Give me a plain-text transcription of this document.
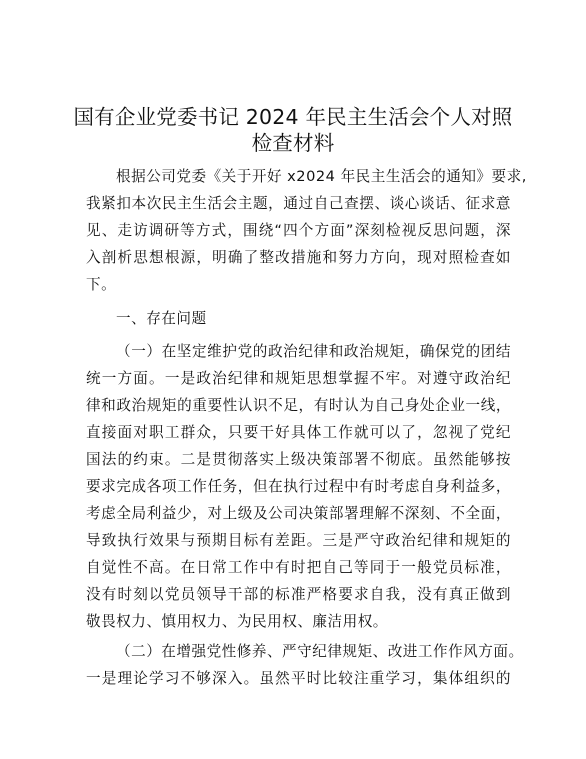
国有企业党委书记 2024 年民主生活会个人对照
检查材料
根据公司党委《关于开好 x2024 年民主生活会的通知》要求,
我紧扣本次民主生活会主题，通过自己查摆、谈心谈话、征求意
见、走访调研等方式，围绕“四个方面”深刻检视反思问题，深
入剖析思想根源，明确了整改措施和努力方向，现对照检查如
下。
一、存在问题
（一）在坚定维护党的政治纪律和政治规矩，确保党的团结
统一方面。一是政治纪律和规矩思想掌握不牢。对遵守政治纪
律和政治规矩的重要性认识不足，有时认为自己身处企业一线，
直接面对职工群众，只要干好具体工作就可以了，忽视了党纪
国法的约束。二是贯彻落实上级决策部署不彻底。虽然能够按
要求完成各项工作任务，但在执行过程中有时考虑自身利益多，
考虑全局利益少，对上级及公司决策部署理解不深刻、不全面，
导致执行效果与预期目标有差距。三是严守政治纪律和规矩的
自觉性不高。在日常工作中有时把自己等同于一般党员标准，
没有时刻以党员领导干部的标准严格要求自我，没有真正做到
敬畏权力、慎用权力、为民用权、廉洁用权。
（二）在增强党性修养、严守纪律规矩、改进工作作风方面。
一是理论学习不够深入。虽然平时比较注重学习，集体组织的
